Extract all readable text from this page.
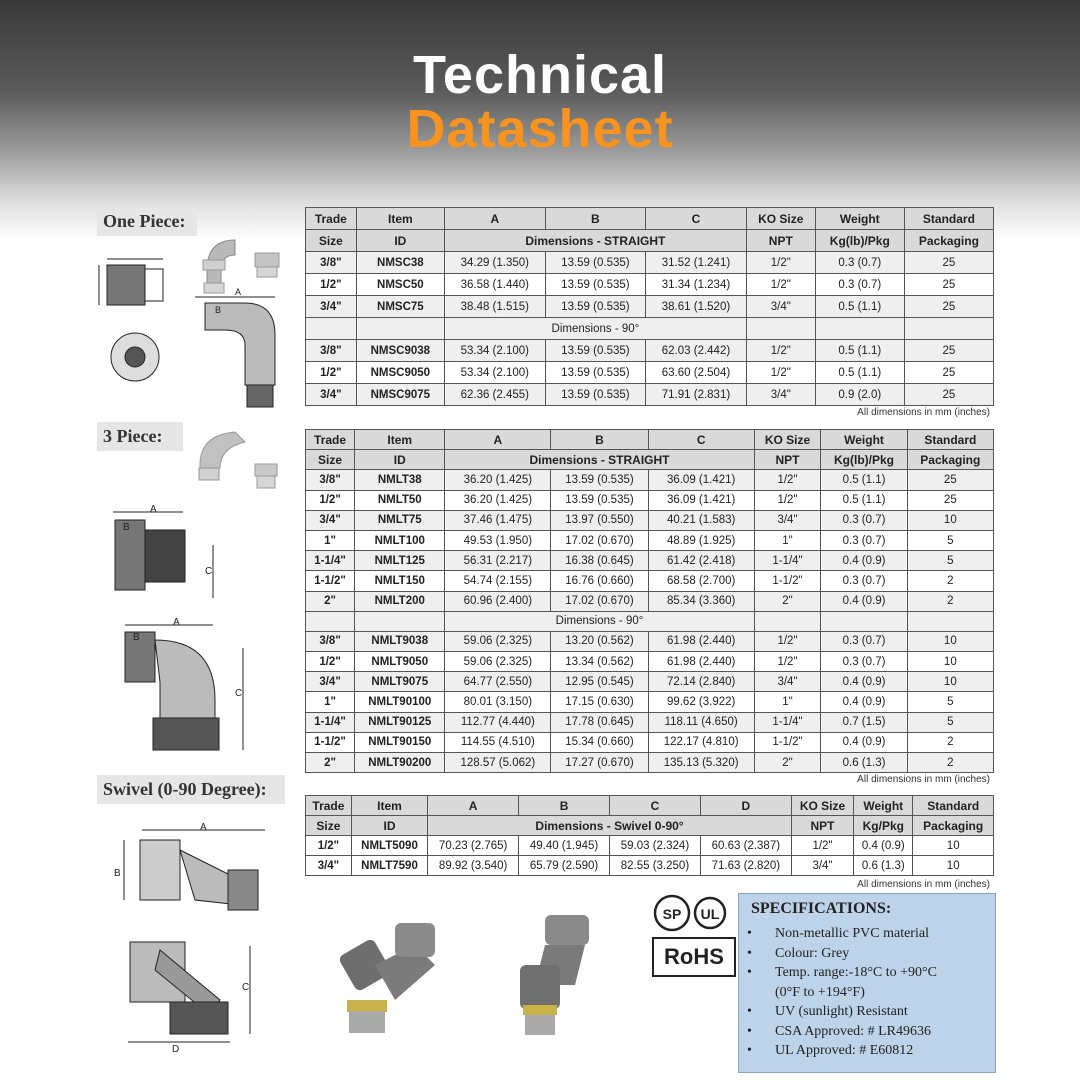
Technical
Datasheet
One Piece:
3 Piece:
Swivel (0-90 Degree):
B
A
A
B
C
A
B
C
A
B
C
D
Trade	Item	A	B	C	KO Size	Weight	Standard
Size	ID	Dimensions - STRAIGHT			NPT	Kg(lb)/Pkg	Packaging
3/8"	NMSC38	34.29 (1.350)	13.59 (0.535)	31.52 (1.241)	1/2"	0.3 (0.7)	25
1/2"	NMSC50	36.58 (1.440)	13.59 (0.535)	31.34 (1.234)	1/2"	0.3 (0.7)	25
3/4"	NMSC75	38.48 (1.515)	13.59 (0.535)	38.61 (1.520)	3/4"	0.5 (1.1)	25
		Dimensions - 90°					
3/8"	NMSC9038	53.34 (2.100)	13.59 (0.535)	62.03 (2.442)	1/2"	0.5 (1.1)	25
1/2"	NMSC9050	53.34 (2.100)	13.59 (0.535)	63.60 (2.504)	1/2"	0.5 (1.1)	25
3/4"	NMSC9075	62.36 (2.455)	13.59 (0.535)	71.91 (2.831)	3/4"	0.9 (2.0)	25
All dimensions in mm (inches)
Trade	Item	A	B	C	KO Size	Weight	Standard
Size	ID	Dimensions - STRAIGHT			NPT	Kg(lb)/Pkg	Packaging
3/8"	NMLT38	36.20 (1.425)	13.59 (0.535)	36.09 (1.421)	1/2"	0.5 (1.1)	25
1/2"	NMLT50	36.20 (1.425)	13.59 (0.535)	36.09 (1.421)	1/2"	0.5 (1.1)	25
3/4"	NMLT75	37.46 (1.475)	13.97 (0.550)	40.21 (1.583)	3/4"	0.3 (0.7)	10
1"	NMLT100	49.53 (1.950)	17.02 (0.670)	48.89 (1.925)	1"	0.3 (0.7)	5
1-1/4"	NMLT125	56.31 (2.217)	16.38 (0.645)	61.42 (2.418)	1-1/4"	0.4 (0.9)	5
1-1/2"	NMLT150	54.74 (2.155)	16.76 (0.660)	68.58 (2.700)	1-1/2"	0.3 (0.7)	2
2"	NMLT200	60.96 (2.400)	17.02 (0.670)	85.34 (3.360)	2"	0.4 (0.9)	2
		Dimensions - 90°					
3/8"	NMLT9038	59.06 (2.325)	13.20 (0.562)	61.98 (2.440)	1/2"	0.3 (0.7)	10
1/2"	NMLT9050	59.06 (2.325)	13.34 (0.562)	61.98 (2.440)	1/2"	0.3 (0.7)	10
3/4"	NMLT9075	64.77 (2.550)	12.95 (0.545)	72.14 (2.840)	3/4"	0.4 (0.9)	10
1"	NMLT90100	80.01 (3.150)	17.15 (0.630)	99.62 (3.922)	1"	0.4 (0.9)	5
1-1/4"	NMLT90125	112.77 (4.440)	17.78 (0.645)	118.11 (4.650)	1-1/4"	0.7 (1.5)	5
1-1/2"	NMLT90150	114.55 (4.510)	15.34 (0.660)	122.17 (4.810)	1-1/2"	0.4 (0.9)	2
2"	NMLT90200	128.57 (5.062)	17.27 (0.670)	135.13 (5.320)	2"	0.6 (1.3)	2
All dimensions in mm (inches)
Trade	Item	A	B	C	D	KO Size	Weight	Standard
Size	ID	Dimensions - Swivel 0-90°				NPT	Kg/Pkg	Packaging
1/2"	NMLT5090	70.23 (2.765)	49.40 (1.945)	59.03 (2.324)	60.63 (2.387)	1/2"	0.4 (0.9)	10
3/4"	NMLT7590	89.92 (3.540)	65.79 (2.590)	82.55 (3.250)	71.63 (2.820)	3/4"	0.6 (1.3)	10
All dimensions in mm (inches)
SP UL
RoHS
SPECIFICATIONS:
• Non-metallic PVC material
• Colour: Grey
• Temp. range:-18°C to +90°C
(0°F to +194°F)
• UV (sunlight) Resistant
• CSA Approved: # LR49636
• UL Approved: # E60812
